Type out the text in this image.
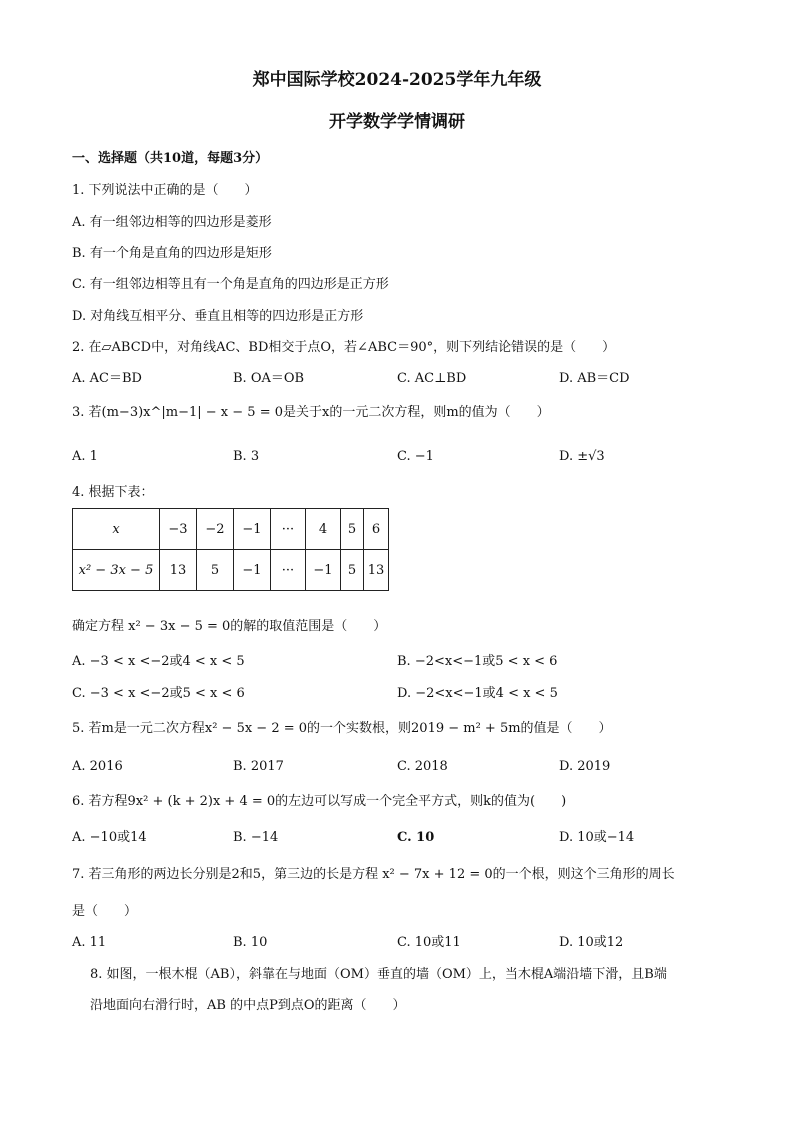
郑中国际学校2024-2025学年九年级
开学数学学情调研
一、选择题（共10道，每题3分）
1. 下列说法中正确的是（　　）
A. 有一组邻边相等的四边形是菱形
B. 有一个角是直角的四边形是矩形
C. 有一组邻边相等且有一个角是直角的四边形是正方形
D. 对角线互相平分、垂直且相等的四边形是正方形
2. 在▱ABCD中，对角线AC、BD相交于点O，若∠ABC＝90°，则下列结论错误的是（　　）
A. AC＝BD	B. OA＝OB	C. AC⊥BD	D. AB＝CD
3. 若(m−3)x^|m−1| − x − 5 = 0是关于x的一元二次方程，则m的值为（　　）
A. 1	B. 3	C. −1	D. ±√3
4. 根据下表：
x	−3	−2	−1	···	4	5	6
x² − 3x − 5	13	5	−1	···	−1	5	13
确定方程 x² − 3x − 5 = 0的解的取值范围是（　　）
A. −3 < x <−2或4 < x < 5	B. −2<x<−1或5 < x < 6
C. −3 < x <−2或5 < x < 6	D. −2<x<−1或4 < x < 5
5. 若m是一元二次方程x² − 5x − 2 = 0的一个实数根，则2019 − m² + 5m的值是（　　）
A. 2016	B. 2017	C. 2018	D. 2019
6. 若方程9x² + (k + 2)x + 4 = 0的左边可以写成一个完全平方式，则k的值为(　　)
A. −10或14	B. −14	C. 10	D. 10或−14
7. 若三角形的两边长分别是2和5，第三边的长是方程 x² − 7x + 12 = 0的一个根，则这个三角形的周长
是（　　）
A. 11	B. 10	C. 10或11	D. 10或12
8. 如图，一根木棍（AB），斜靠在与地面（OM）垂直的墙（OM）上，当木棍A端沿墙下滑，且B端
沿地面向右滑行时，AB 的中点P到点O的距离（　　）
